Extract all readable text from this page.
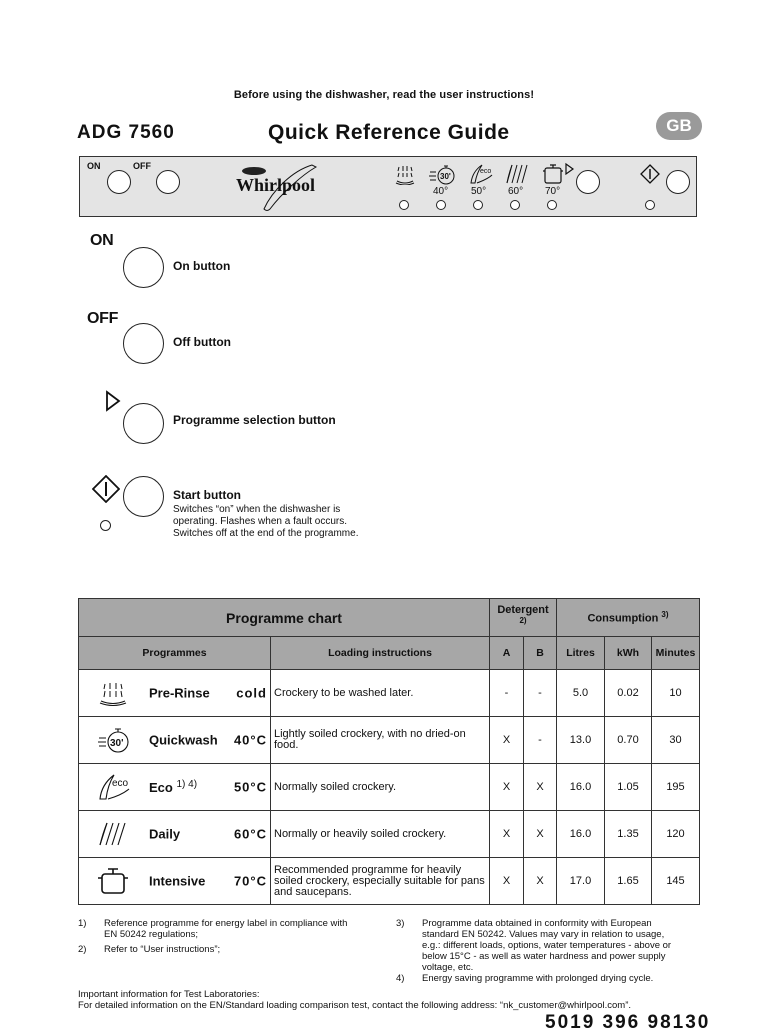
Before using the dishwasher, read the user instructions!
ADG 7560	Quick Reference Guide	GB
ON	OFF
Whirlpool	30'
eco
40° 50° 60° 70°
ON
On button
OFF
Off button
Programme selection button
Start button
Switches “on” when the dishwasher is
operating. Flashes when a fault occurs.
Switches off at the end of the programme.
Programme chart		Detergent $^{2)}$		Consumption $^{3)}$
Programmes	Loading instructions	A	B	Litres	kWh	Minutes

Pre-Rinse cold	Crockery to be washed later.	-	-	5.0	0.02	10

30' Quickwash 40°C	Lightly soiled crockery, with no dried-on food.	X	-	13.0	0.70	30

eco Eco $^{1) 4)}$ 50°C	Normally soiled crockery.	X	X	16.0	1.05	195

Daily 60°C	Normally or heavily soiled crockery.	X	X	16.0	1.35	120

Intensive 70°C	Recommended programme for heavily soiled crockery, especially suitable for pans and saucepans.	X	X	17.0	1.65	145
1) Reference programme for energy label in compliance with
EN 50242 regulations;
2) Refer to “User instructions”;
3) Programme data obtained in conformity with European
standard EN 50242. Values may vary in relation to usage,
e.g.: different loads, options, water temperatures - above or
below 15°C - as well as water hardness and power supply
voltage, etc.
4) Energy saving programme with prolonged drying cycle.
Important information for Test Laboratories:
For detailed information on the EN/Standard loading comparison test, contact the following address: “nk_customer@whirlpool.com”.
5019 396 98130
